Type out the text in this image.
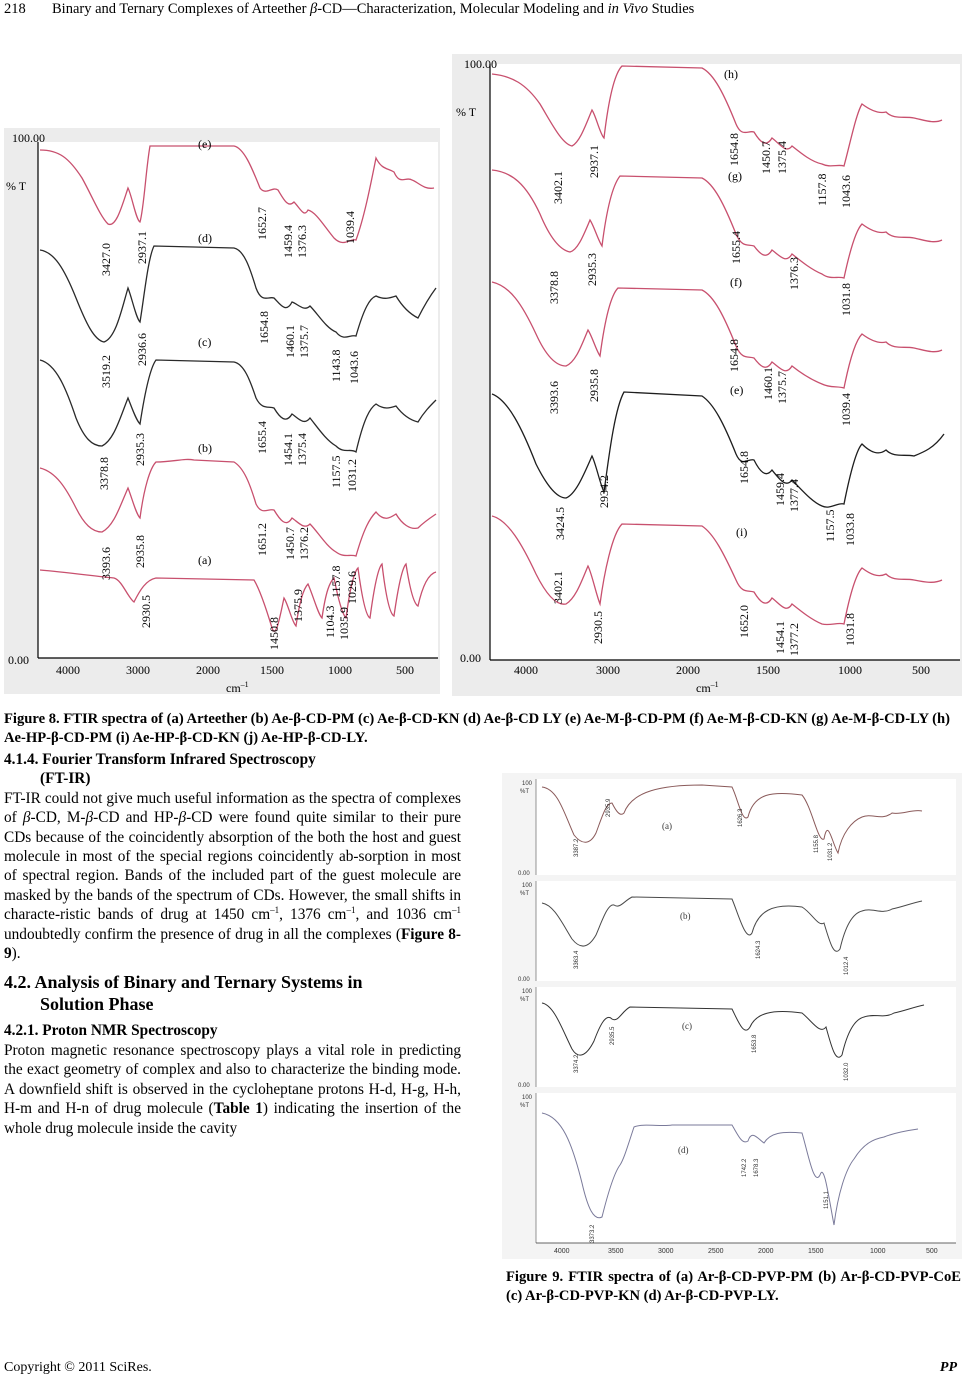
218 Binary and Ternary Complexes of Arteether β-CD—Characterization, Molecular Modeling and in Vivo Studies
100.00
% T
0.00
4000	3000	2000	1500	1000	500
$cm^{-1}$
(e)
(d)
(c)
(b)
(a)
3427.0 2937.1
1652.7
1459.4 1376.3	1039.4
3519.2
2936.6
1654.8 1460.1 1375.7
1143.8 1043.6
3378.8
2935.3	1655.4 1454.1 1375.4
1157.5 1031.2
3393.6 2935.8	1651.2 1450.7 1376.2
1157.8 1029.6
2930.5
1450.8
1375.9 1104.3 1035.9
100.00
% T
0.00
4000	3000	2000	1500	1000	500
$cm^{-1}$
(h)
(g)
(f)
(e)
(i)
3402.1
2937.1	1654.8 1450.7 1375.4
1157.8 1043.6
3378.8
2935.3
1655.4
1376.3
1031.8
3393.6 2935.8
1654.8
1460.1 1375.7
1039.4
3424.5
2934.2
1654.8
1459.4 1377.4
1157.5 1033.8
3402.1
2930.5	1652.0 1454.1 1377.2	1031.8
Figure 8. FTIR spectra of (a) Arteether (b) Ae-β-CD-PM (c) Ae-β-CD-KN (d) Ae-β-CD LY (e) Ae-M-β-CD-PM (f) Ae-M-β-CD-KN (g) Ae-M-β-CD-LY (h) Ae-HP-β-CD-PM (i) Ae-HP-β-CD-KN (j) Ae-HP-β-CD-LY.
4.1.4. Fourier Transform Infrared Spectroscopy
(FT-IR)
FT-IR could not give much useful information as the spectra of complexes of β-CD, M-β-CD and HP-β-CD were found quite similar to their pure CDs because of the coincidently absorption of the both the host and guest molecule in most of the special regions coincidently ab-sorption in most of spectral region. Bands of the included part of the guest molecule are masked by the bands of the spectrum of CDs. However, the small shifts in characte-ristic bands of drug at 1450 $cm^{-1}$, 1376 $cm^{-1}$, and 1036 $cm^{-1}$ undoubtedly confirm the presence of drug in all the complexes (Figure 8-9).
4.2. Analysis of Binary and Ternary Systems in
Solution Phase
4.2.1. Proton NMR Spectroscopy
Proton magnetic resonance spectroscopy plays a vital role in predicting the exact geometry of complex and also to characterize the binding mode. A downfield shift is observed in the cycloheptane protons H-d, H-g, H-h, H-m and H-n of drug molecule (Table 1) indicating the insertion of the whole drug molecule inside the cavity
100
%T
0.00
(a)
3387.2
2935.9
1626.3
1155.8 1031.2
100
%T
0.00
(b)
3363.4
1624.3
1012.4
100
%T
0.00
(c)
3374.2
2935.5	1653.8
1032.0
100
%T
(d)
3373.2
1742.2 1678.3
1151.1
4000	3500	3000	2500	2000	1500	1000	500
Figure 9. FTIR spectra of (a) Ar-β-CD-PVP-PM (b) Ar-β-CD-PVP-CoE (c) Ar-β-CD-PVP-KN (d) Ar-β-CD-PVP-LY.
Copyright © 2011 SciRes.	PP
